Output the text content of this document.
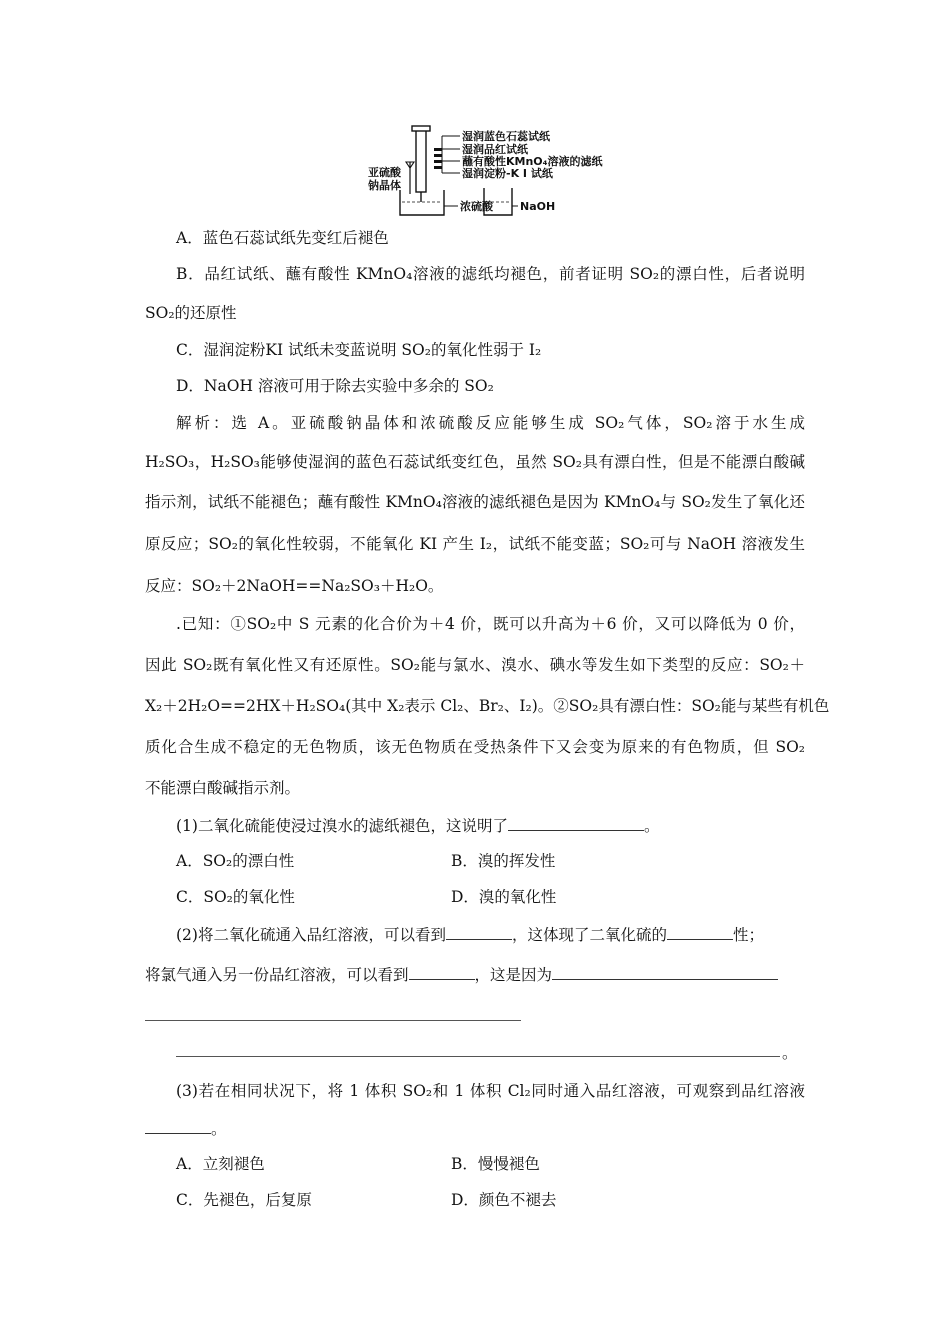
湿润蓝色石蕊试纸
湿润品红试纸
蘸有酸性KMnO₄溶液的滤纸
湿润淀粉-K I 试纸
亚硫酸
钠晶体
浓硫酸 NaOH
A．蓝色石蕊试纸先变红后褪色
B．品红试纸、蘸有酸性 KMnO₄溶液的滤纸均褪色，前者证明 SO₂的漂白性，后者说明
SO₂的还原性
C．湿润淀粉KI 试纸未变蓝说明 SO₂的氧化性弱于 I₂
D．NaOH 溶液可用于除去实验中多余的 SO₂
解析：选 A。亚硫酸钠晶体和浓硫酸反应能够生成 SO₂气体，SO₂溶于水生成
H₂SO₃，H₂SO₃能够使湿润的蓝色石蕊试纸变红色，虽然 SO₂具有漂白性，但是不能漂白酸碱
指示剂，试纸不能褪色；蘸有酸性 KMnO₄溶液的滤纸褪色是因为 KMnO₄与 SO₂发生了氧化还
原反应；SO₂的氧化性较弱，不能氧化 KI 产生 I₂，试纸不能变蓝；SO₂可与 NaOH 溶液发生
反应：SO₂＋2NaOH==Na₂SO₃＋H₂O。
.已知：①SO₂中 S 元素的化合价为＋4 价，既可以升高为＋6 价，又可以降低为 0 价，
因此 SO₂既有氧化性又有还原性。SO₂能与氯水、溴水、碘水等发生如下类型的反应：SO₂＋
X₂＋2H₂O==2HX＋H₂SO₄(其中 X₂表示 Cl₂、Br₂、I₂)。②SO₂具有漂白性：SO₂能与某些有机色
质化合生成不稳定的无色物质，该无色物质在受热条件下又会变为原来的有色物质，但 SO₂
不能漂白酸碱指示剂。
(1)二氧化硫能使浸过溴水的滤纸褪色，这说明了	。
A．SO₂的漂白性	B．溴的挥发性
C．SO₂的氧化性	D．溴的氧化性
(2)将二氧化硫通入品红溶液，可以看到	，这体现了二氧化硫的	性；
将氯气通入另一份品红溶液，可以看到	，这是因为
。
(3)若在相同状况下，将 1 体积 SO₂和 1 体积 Cl₂同时通入品红溶液，可观察到品红溶液
。
A．立刻褪色	B．慢慢褪色
C．先褪色，后复原	D．颜色不褪去
